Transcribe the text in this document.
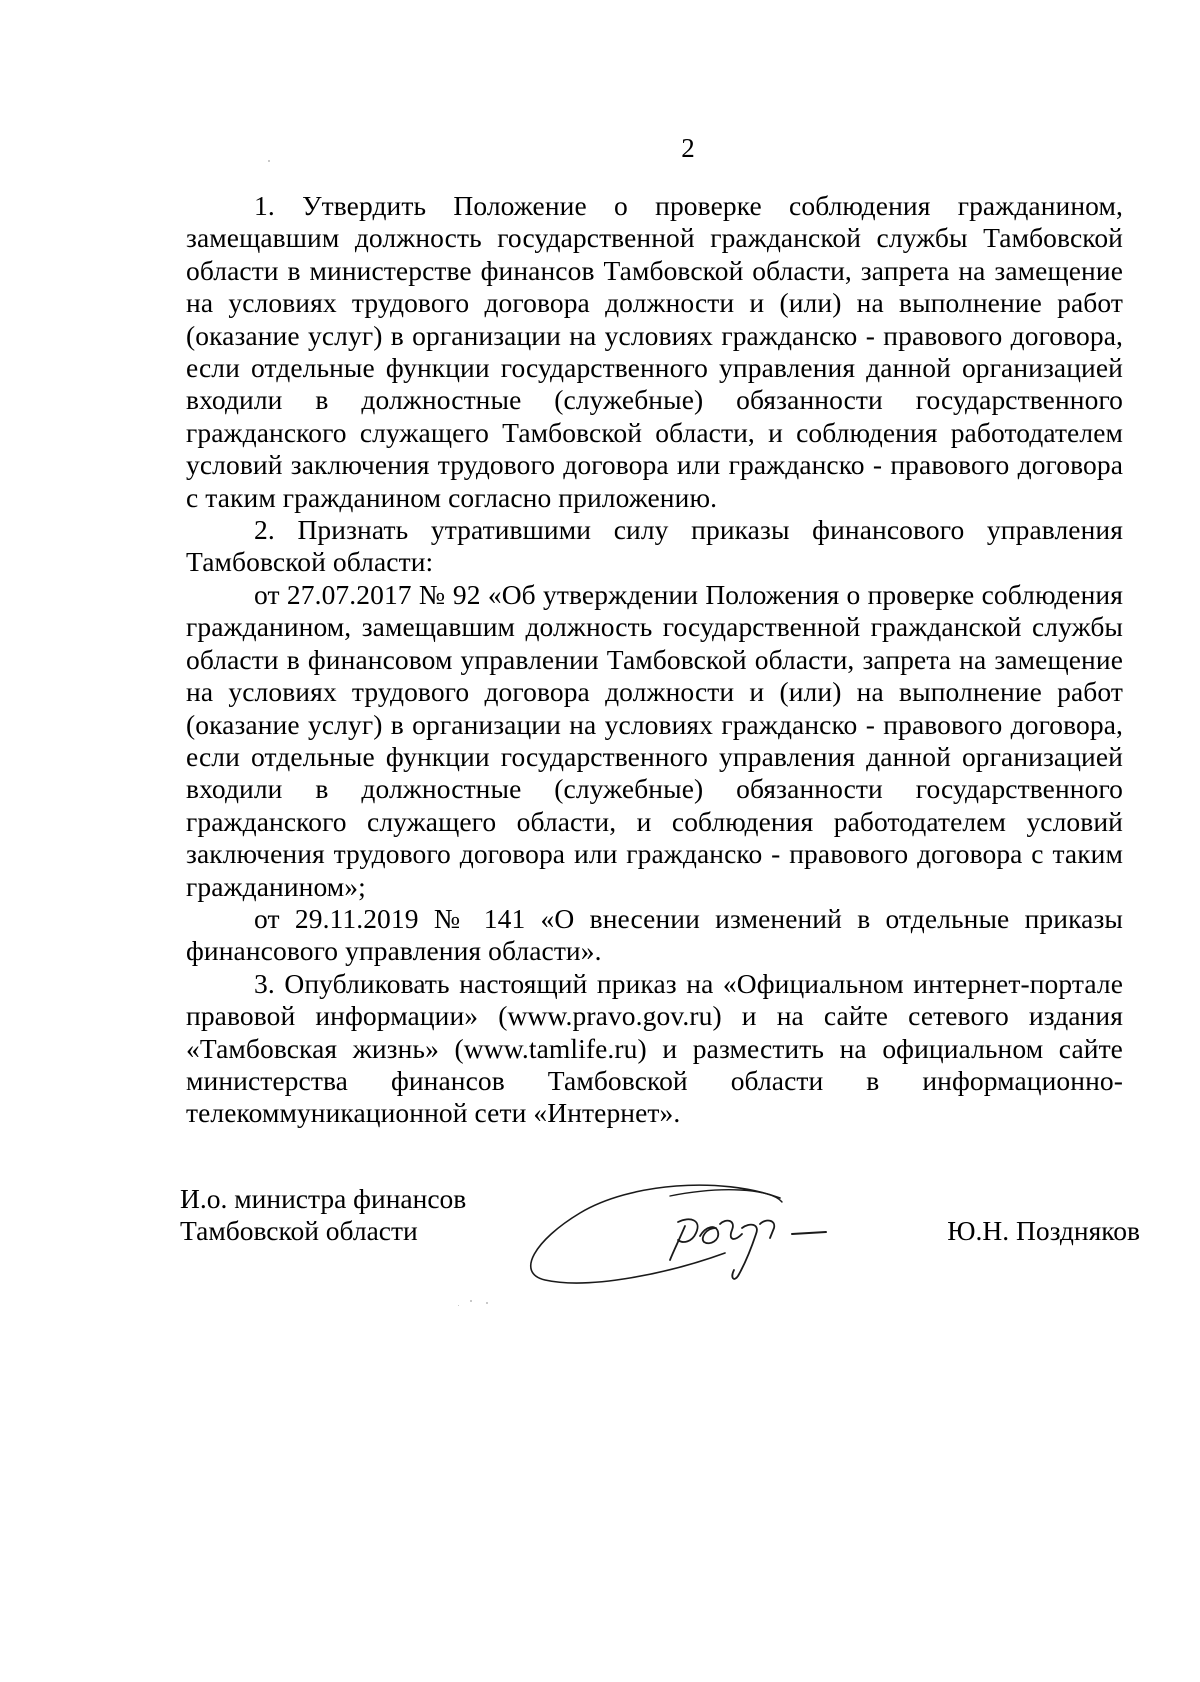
2

1. Утвердить Положение о проверке соблюдения гражданином, замещавшим должность государственной гражданской службы Тамбовской области в министерстве финансов Тамбовской области, запрета на замещение на условиях трудового договора должности и (или) на выполнение работ (оказание услуг) в организации на условиях гражданско - правового договора, если отдельные функции государственного управления данной организацией входили в должностные (служебные) обязанности государственного гражданского служащего Тамбовской области, и соблюдения работодателем условий заключения трудового договора или гражданско - правового договора с таким гражданином согласно приложению.

2. Признать утратившими силу приказы финансового управления Тамбовской области:

от 27.07.2017 № 92 «Об утверждении Положения о проверке соблюдения гражданином, замещавшим должность государственной гражданской службы области в финансовом управлении Тамбовской области, запрета на замещение на условиях трудового договора должности и (или) на выполнение работ (оказание услуг) в организации на условиях гражданско - правового договора, если отдельные функции государственного управления данной организацией входили в должностные (служебные) обязанности государственного гражданского служащего области, и соблюдения работодателем условий заключения трудового договора или гражданско - правового договора с таким гражданином»;

от 29.11.2019 № 141 «О внесении изменений в отдельные приказы финансового управления области».

3. Опубликовать настоящий приказ на «Официальном интернет-портале правовой информации» (www.pravo.gov.ru) и на сайте сетевого издания «Тамбовская жизнь» (www.tamlife.ru) и разместить на официальном сайте министерства финансов Тамбовской области в информационно-телекоммуникационной сети «Интернет».

И.о. министра финансов
Тамбовской области	Ю.Н. Поздняков
